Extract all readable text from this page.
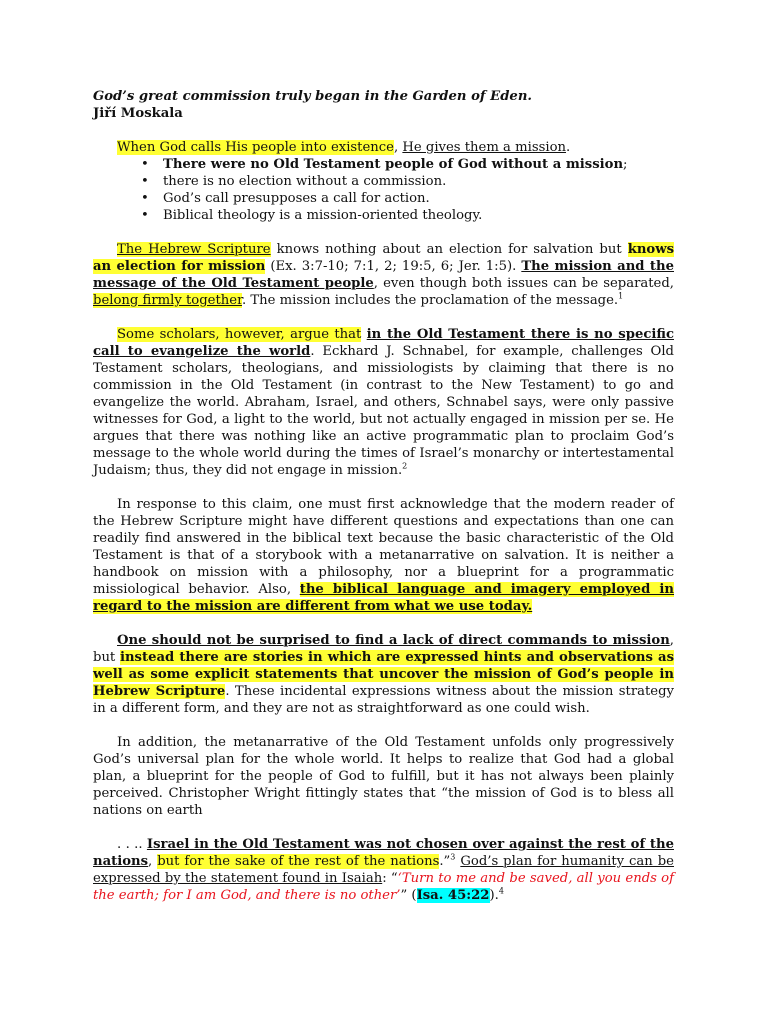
God’s great commission truly began in the Garden of Eden.

Jiří Moskala

When God calls His people into existence, He gives them a mission.

• There were no Old Testament people of God without a mission;
• there is no election without a commission.
• God’s call presupposes a call for action.
• Biblical theology is a mission-oriented theology.

The Hebrew Scripture knows nothing about an election for salvation but knows an election for mission (Ex. 3:7-10; 7:1, 2; 19:5, 6; Jer. 1:5). The mission and the message of the Old Testament people, even though both issues can be separated, belong firmly together. The mission includes the proclamation of the message.$^1$

Some scholars, however, argue that in the Old Testament there is no specific call to evangelize the world. Eckhard J. Schnabel, for example, challenges Old Testament scholars, theologians, and missiologists by claiming that there is no commission in the Old Testament (in contrast to the New Testament) to go and evangelize the world. Abraham, Israel, and others, Schnabel says, were only passive witnesses for God, a light to the world, but not actually engaged in mission per se. He argues that there was nothing like an active programmatic plan to proclaim God’s message to the whole world during the times of Israel’s monarchy or intertestamental Judaism; thus, they did not engage in mission.$^2$

In response to this claim, one must first acknowledge that the modern reader of the Hebrew Scripture might have different questions and expectations than one can readily find answered in the biblical text because the basic characteristic of the Old Testament is that of a storybook with a metanarrative on salvation. It is neither a handbook on mission with a philosophy, nor a blueprint for a programmatic missiological behavior. Also, the biblical language and imagery employed in regard to the mission are different from what we use today.

One should not be surprised to find a lack of direct commands to mission, but instead there are stories in which are expressed hints and observations as well as some explicit statements that uncover the mission of God’s people in Hebrew Scripture. These incidental expressions witness about the mission strategy in a different form, and they are not as straightforward as one could wish.

In addition, the metanarrative of the Old Testament unfolds only progressively God’s universal plan for the whole world. It helps to realize that God had a global plan, a blueprint for the people of God to fulfill, but it has not always been plainly perceived. Christopher Wright fittingly states that “the mission of God is to bless all nations on earth

. . .. Israel in the Old Testament was not chosen over against the rest of the nations, but for the sake of the rest of the nations.”$^3$ God’s plan for humanity can be expressed by the statement found in Isaiah: “‘Turn to me and be saved, all you ends of the earth; for I am God, and there is no other’” (Isa. 45:22).$^4$
